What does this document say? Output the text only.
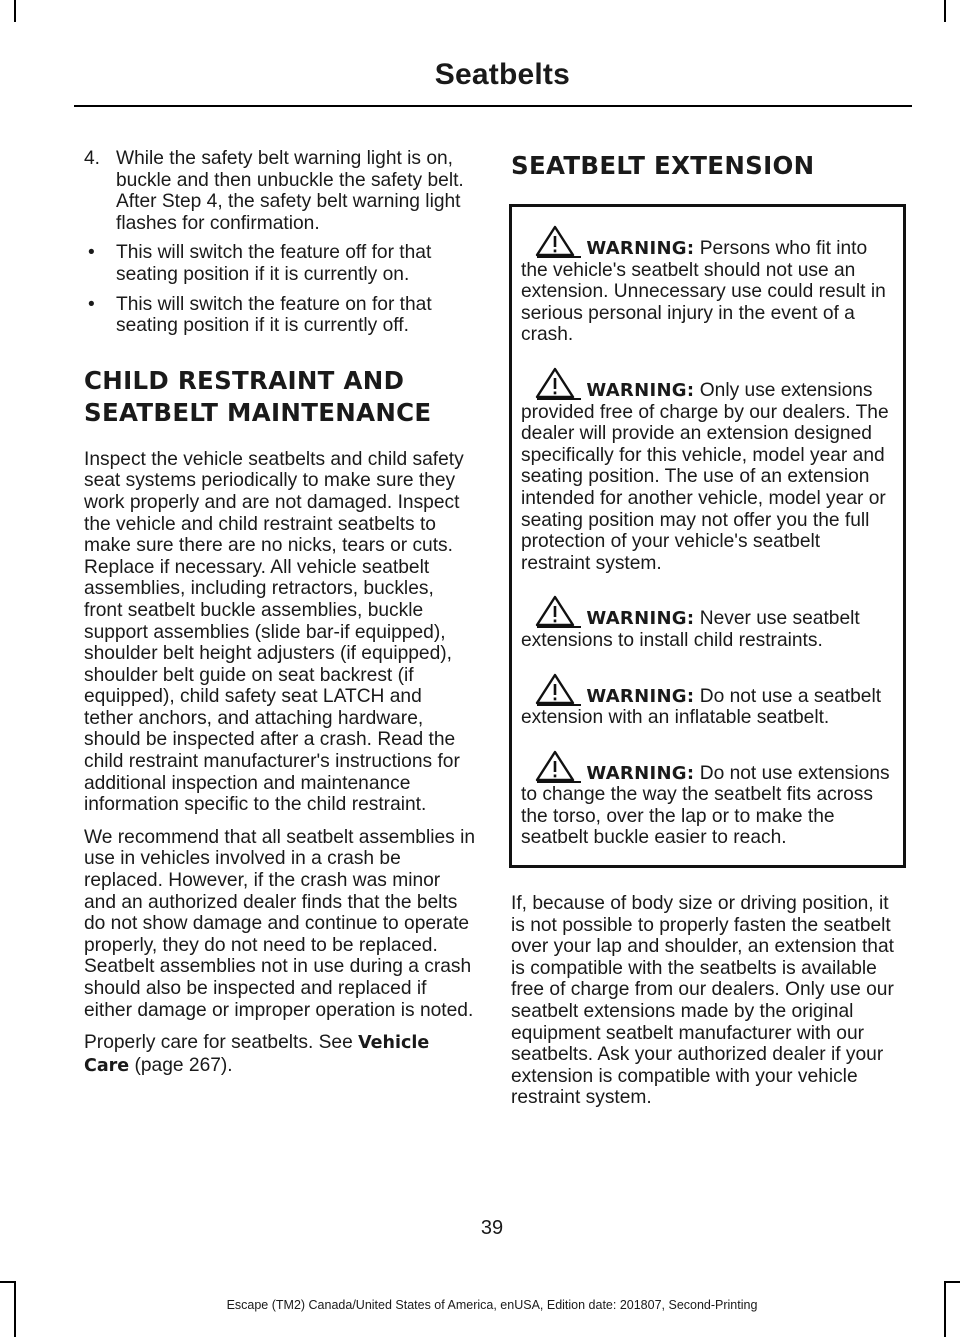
Seatbelts
4. While the safety belt warning light is on, buckle and then unbuckle the safety belt. After Step 4, the safety belt warning light flashes for confirmation.
• This will switch the feature off for that seating position if it is currently on.
• This will switch the feature on for that seating position if it is currently off.
CHILD RESTRAINT AND
SEATBELT MAINTENANCE

Inspect the vehicle seatbelts and child safety seat systems periodically to make sure they work properly and are not damaged. Inspect the vehicle and child restraint seatbelts to make sure there are no nicks, tears or cuts. Replace if necessary. All vehicle seatbelt assemblies, including retractors, buckles, front seatbelt buckle assemblies, buckle support assemblies (slide bar-if equipped), shoulder belt height adjusters (if equipped), shoulder belt guide on seat backrest (if equipped), child safety seat LATCH and tether anchors, and attaching hardware, should be inspected after a crash. Read the child restraint manufacturer's instructions for additional inspection and maintenance information specific to the child restraint.

We recommend that all seatbelt assemblies in use in vehicles involved in a crash be replaced. However, if the crash was minor and an authorized dealer finds that the belts do not show damage and continue to operate properly, they do not need to be replaced. Seatbelt assemblies not in use during a crash should also be inspected and replaced if either damage or improper operation is noted.

Properly care for seatbelts. See Vehicle Care (page 267).

SEATBELT EXTENSION
WARNING: Persons who fit into the vehicle's seatbelt should not use an extension. Unnecessary use could result in serious personal injury in the event of a crash.
WARNING: Only use extensions provided free of charge by our dealers. The dealer will provide an extension designed specifically for this vehicle, model year and seating position. The use of an extension intended for another vehicle, model year or seating position may not offer you the full protection of your vehicle's seatbelt restraint system.
WARNING: Never use seatbelt extensions to install child restraints.
WARNING: Do not use a seatbelt extension with an inflatable seatbelt.
WARNING: Do not use extensions to change the way the seatbelt fits across the torso, over the lap or to make the seatbelt buckle easier to reach.

If, because of body size or driving position, it is not possible to properly fasten the seatbelt over your lap and shoulder, an extension that is compatible with the seatbelts is available free of charge from our dealers. Only use our seatbelt extensions made by the original equipment seatbelt manufacturer with our seatbelts. Ask your authorized dealer if your extension is compatible with your vehicle restraint system.

39
Escape (TM2) Canada/United States of America, enUSA, Edition date: 201807, Second-Printing
